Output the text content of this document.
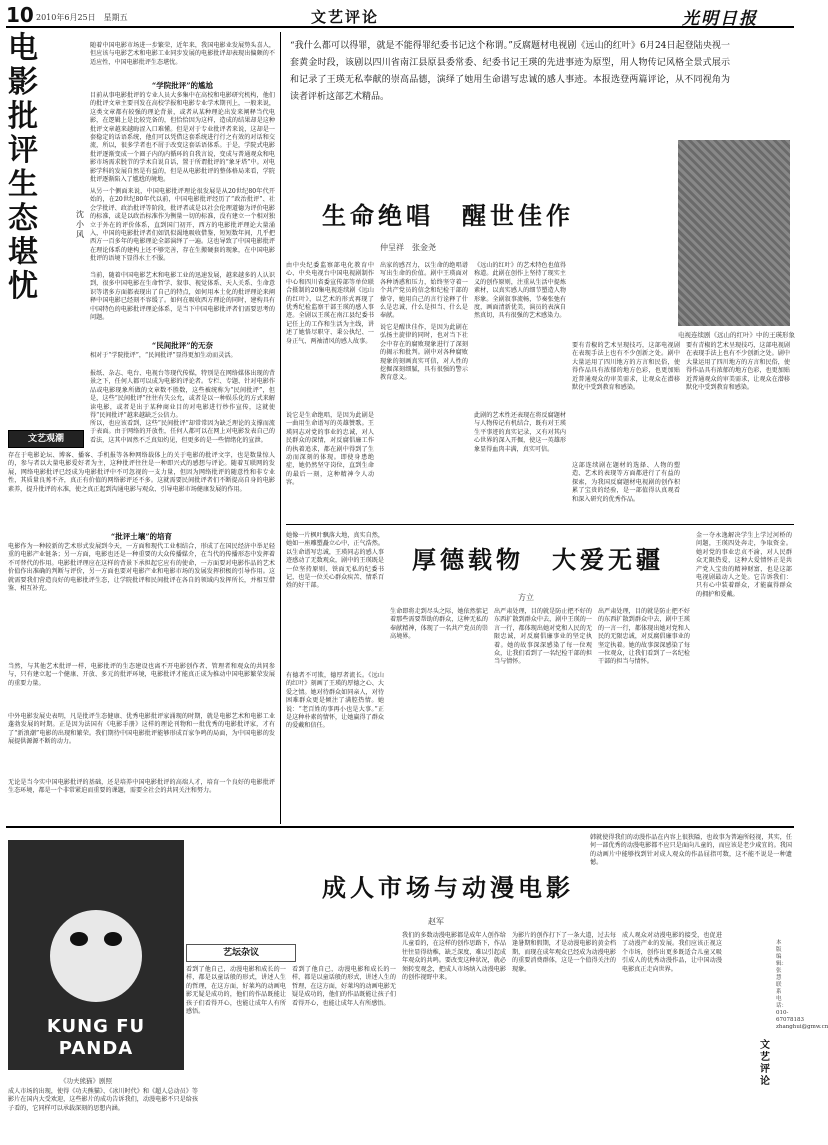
10 2010年6月25日　星期五	文艺评论	光明日报
电影批评生态堪忧
沈小风
随着中国电影市场进一步繁荣，近年来，我国电影业发展势头喜人，但应该与电影艺术和电影工业同步发展的电影批评却表现出偏颇的不适应性，中国电影批评生态堪忧。
“学院批评”的尴尬
目前从事电影批评的专业人员大多集中在高校和电影研究机构，他们的批评文章主要刊发在高校学报和电影专业学术期刊上，一般来说，这类文章都有较强的理论背景，或者从某种理论出发来阐释当代电影，在逻辑上是比较完备的，但恰恰因为这样，造成的结果却是这种批评文章越来越晦涩入口难懂。但是对于专业批评者来说，这却是一套稳定的话语系统，他们可以凭借这套系统进行行之有效的对话和交流，所以，很多学者也不屑于改变这套话语体系。于是，学院式电影批评逐渐变成一个圈子内的内循环的自我言说，变成与普通观众和电影市场需求脱节的学术自说自话，置于所谓批评的“象牙塔”中。对电影学科的发展自然是有益的，但是从电影批评的整体格局来看，学院批评逐渐陷入了尴尬的境地。
从另一个侧面来说，中国电影批评理论很发展是从20世纪80年代开始的，在20世纪80年代以前，中国电影批评经历了“政治批评”、社会学批评、政治批评等阶段，批评者或是以社会伦理道德为评价电影的标准，或是以政治标准作为衡量一切的标准，没有建立一个相对独立于外在的评价体系，直到国门初开，西方的电影批评理论大量涌入，中国的电影批评者们如饥似渴地吸收借鉴，短短数年间，几乎把西方一百多年的电影理论全部演绎了一遍。这也导致了中国电影批评在理论体系的建构上还不够完善，存在生搬硬套的现象，在中国电影批评的语境下显得水土不服。
当前，随着中国电影艺术和电影工业的迅速发展，越来越多的人认识到，很多中国电影在生命哲学、叙事、视觉体系、天人关系、生命意识等诸多方面都表现出了自己的特点，如何用本土化的批评理论来阐释中国电影已经刻不容缓了。如何在吸收西方理论的同时，建构具有中国特色的电影批评理论体系，是当下中国电影批评者们需要思考的问题。
“民间批评”的无奈
相对于“学院批评”，“民间批评”显得更加生动而灵活。
报纸、杂志、电台、电视台等现代传媒，特别是在网络媒体出现的背景之下，任何人都可以成为电影的评论者。专栏、专题、针对电影作品或电影现象所做的文章数不胜数，这些被统称为“民间批评”，但是，这些“民间批评”往往有失公允，或者是以一种娱乐化的方式来解读电影，或者是出于某种商业目的对电影进行炒作宣传，这就使得“民间批评”越来越缺乏公信力。
所以，也应该看到，这些“民间批评”却常常因为缺乏理论的支撑而流于表面。由于网络的开放性，任何人都可以在网上对电影发表自己的看法，这其中固然不乏真知灼见，但更多的是一些情绪化的宣泄。
文艺观潮
存在于电影论坛、博客、播客、手机报等各种网络载体上的关于电影的批评文字，也是数量惊人的，参与者以大量电影爱好者为主，这种批评往往是一种即兴式的感想与评论。随着互联网的发展，网络电影批评已经成为电影批评中不可忽视的一支力量，但因为网络批评的随意性和非专业性，其质量良莠不齐，真正有价值的网络影评还不多。这就需要民间批评者们不断提高自身的电影素养，提升批评的水准，使之真正起到沟通电影与观众、引导电影市场健康发展的作用。
“批评土壤”的培育
电影作为一种较新的艺术形式发展到今天，一方面和现代工业相结合，形成了在国民经济中举足轻重的电影产业链条；另一方面，电影也还是一种重要的大众传播媒介，在当代的传播形态中发挥着不可替代的作用。电影批评理应在这样的背景下承担起它应有的使命，一方面要对电影作品的艺术价值作出准确的判断与评价，另一方面也要对电影产业和电影市场的发展发挥积极的引导作用。这就需要我们营造良好的电影批评生态，让学院批评和民间批评在各自的领域内发挥所长，并相互借鉴、相互补充。
当然，与其他艺术批评一样，电影批评的生态建设也离不开电影创作者、管理者和观众的共同参与，只有建立起一个健康、开放、多元的批评环境，电影批评才能真正成为推动中国电影繁荣发展的重要力量。
中外电影发展史表明，凡是批评生态健康、优秀电影批评家涌现的时期，就是电影艺术和电影工业蓬勃发展的时期。正是因为法国有《电影手册》这样的理论刊物和一批优秀的电影批评家，才有了“新浪潮”电影的出现和繁荣。我们期待中国电影批评能够形成百家争鸣的局面，为中国电影的发展提供源源不断的动力。
无论是当今实中国电影批评的基础，还是培养中国电影批评的高端人才，培育一个良好的电影批评生态环境，都是一个非常紧迫而重要的课题，需要全社会的共同关注和努力。
“我什么都可以得罪，就是不能得罪纪委书记这个称谓。”反腐题材电视剧《远山的红叶》6月24日起登陆央视一套黄金时段，该剧以四川省南江县原县委常委、纪委书记王瑛的先进事迹为原型，用人物传记风格全景式展示和记录了王瑛无私奉献的崇高品德，演绎了她用生命谱写忠诚的感人事迹。本报选登两篇评论，从不同视角为读者评析这部艺术精品。
电视连续剧《远山的红叶》中的王瑛形象
生命绝唱　醒世佳作
仲呈祥　张金尧
由中央纪委监察部电化教育中心、中央电视台中国电视剧制作中心和四川省委宣传部等单位联合摄制的20集电视连续剧《远山的红叶》，以艺术的形式再现了优秀纪检监察干部王瑛的感人事迹。全剧以王瑛在南江县纪委书记任上的工作和生活为主线，讲述了她恪尽职守、秉公执纪、一身正气、两袖清风的感人故事。
说它是生命绝唱，是因为此剧是一曲用生命谱写的英雄赞歌。王瑛同志对党的事业的忠诚，对人民群众的深情，对反腐倡廉工作的执着追求，都在剧中得到了生动而深刻的体现。即使身患绝症，她仍然坚守岗位，直到生命的最后一刻，这种精神令人动容。
出家的感召力，以生命的绝唱谱写出生命的价值。剧中王瑛面对各种诱惑和压力，始终坚守着一个共产党员的信念和纪检干部的操守，她用自己的言行诠释了什么是忠诚、什么是担当、什么是奉献。
说它是醒世佳作，是因为此剧在弘扬主旋律的同时，也对当下社会中存在的腐败现象进行了深刻的揭示和批判。剧中对各种腐败现象的刻画真实可信，对人性的挖掘深刻细腻，具有很强的警示教育意义。
《远山的红叶》的艺术特色也值得称道。此剧在创作上坚持了现实主义的创作原则，注重从生活中提炼素材，以真实感人的细节塑造人物形象。全剧叙事流畅，节奏张弛有度，画面清新优美，演员的表演自然真切，具有很强的艺术感染力。
此剧的艺术性还表现在将反腐题材与人物传记有机结合，既有对王瑛生平事迹的真实记录，又有对其内心世界的深入开掘，使这一英雄形象显得血肉丰满，真实可信。
要有青椒的艺术呈现技巧，这部电视剧在表现手法上也有不少创新之处。剧中大量运用了四川地方的方言和民俗，使得作品具有浓郁的地方色彩，也更加贴近普通观众的审美需求，让观众在潜移默化中受到教育和感染。
这部连续剧在题材的选择、人物的塑造、艺术的表现等方面都进行了有益的探索，为我国反腐题材电视剧的创作积累了宝贵的经验，是一部值得认真观看和深入研究的优秀作品。
要有青椒的艺术呈现技巧，这部电视剧在表现手法上也有不少创新之处。剧中大量运用了四川地方的方言和民俗，使得作品具有浓郁的地方色彩，也更加贴近普通观众的审美需求，让观众在潜移默化中受到教育和感染。
她像一片枫叶飘落大地，真实自然，她如一座雕塑矗立心中，正气浩然。以生命谱写忠诚，王瑛同志的感人事迹感动了无数观众，剧中的王瑛既是一位坚持原则、铁面无私的纪委书记，也是一位关心群众疾苦、情系百姓的好干部。
厚德载物　大爱无疆
方立
有德者不可欺，德厚者流长。《远山的红叶》刻画了王瑛的厚德之心、大爱之情。她对待群众如同亲人，对待困难群众更是倾注了满腔热情。她说：“老百姓的事再小也是大事。”正是这种朴素的情怀，让她赢得了群众的爱戴和信任。
生命即将走到尽头之际，她依然惦记着那些需要帮助的群众，这种无私的奉献精神，体现了一名共产党员的崇高境界。
出严肃处理，目的就是防止把不好的东西扩散到群众中去，剧中王瑛的一言一行，都体现出她对党和人民的无限忠诚，对反腐倡廉事业的坚定执着。她的故事深深感染了每一位观众，让我们看到了一名纪检干部的担当与情怀。
出严肃处理，目的就是防止把不好的东西扩散到群众中去，剧中王瑛的一言一行，都体现出她对党和人民的无限忠诚，对反腐倡廉事业的坚定执着。她的故事深深感染了每一位观众，让我们看到了一名纪检干部的担当与情怀。
金一夺永逸解决学生上学过河桥的问题，王瑛四处奔走，争取资金。她对党的事业忠贞不渝，对人民群众无限热爱，这种大爱情怀正是共产党人宝贵的精神财富，也是这部电视剧最动人之处。它告诉我们：只有心中装着群众，才能赢得群众的拥护和爱戴。
韩就使得我们的动漫作品在内容上很狭隘，也故事为普遍所轻视，其实，任何一部优秀的动漫电影都不应只是面向儿童的，而应该是老少咸宜的。我国的动画片中能够找到针对成人观众的作品屈指可数，这不能不说是一种遗憾。
成人市场与动漫电影
赵军
KUNG FU PANDA
《功夫熊猫》剧照
艺坛杂议
成人市场的出现，使得《功夫熊猫》、《冰川时代》和《超人总动员》等影片在国内大受欢迎，这些影片的成功告诉我们，动漫电影不只是给孩子看的，它同样可以承载深刻的思想内涵。
看到了他自己，动漫电影和成长的一样，都是以童话般的形式，讲述人生的哲理，在这方面，好莱坞的动画电影无疑是成功的，他们的作品既能让孩子们看得开心，也能让成年人有所感悟。
看到了他自己，动漫电影和成长的一样，都是以童话般的形式，讲述人生的哲理，在这方面，好莱坞的动画电影无疑是成功的，他们的作品既能让孩子们看得开心，也能让成年人有所感悟。
我们的多数动漫电影都是成年人创作给儿童看的，在这样的创作思路下，作品往往显得幼稚，缺乏深度，难以引起成年观众的共鸣。要改变这种状况，就必须转变观念，把成人市场纳入动漫电影的创作视野中来。
为影片的创作打下了一条大道，过去每逢暑期和假期，才是动漫电影的黄金档期，而现在成年观众已经成为动漫电影的重要消费群体，这是一个值得关注的现象。
成人观众对动漫电影的接受，也促进了动漫产业的发展。我们应该正视这个市场，创作出更多既适合儿童又吸引成人的优秀动漫作品，让中国动漫电影真正走向世界。
文艺评论
本版编辑：张慧　联系电话：010-67078183 zhanghui@gmw.cn
